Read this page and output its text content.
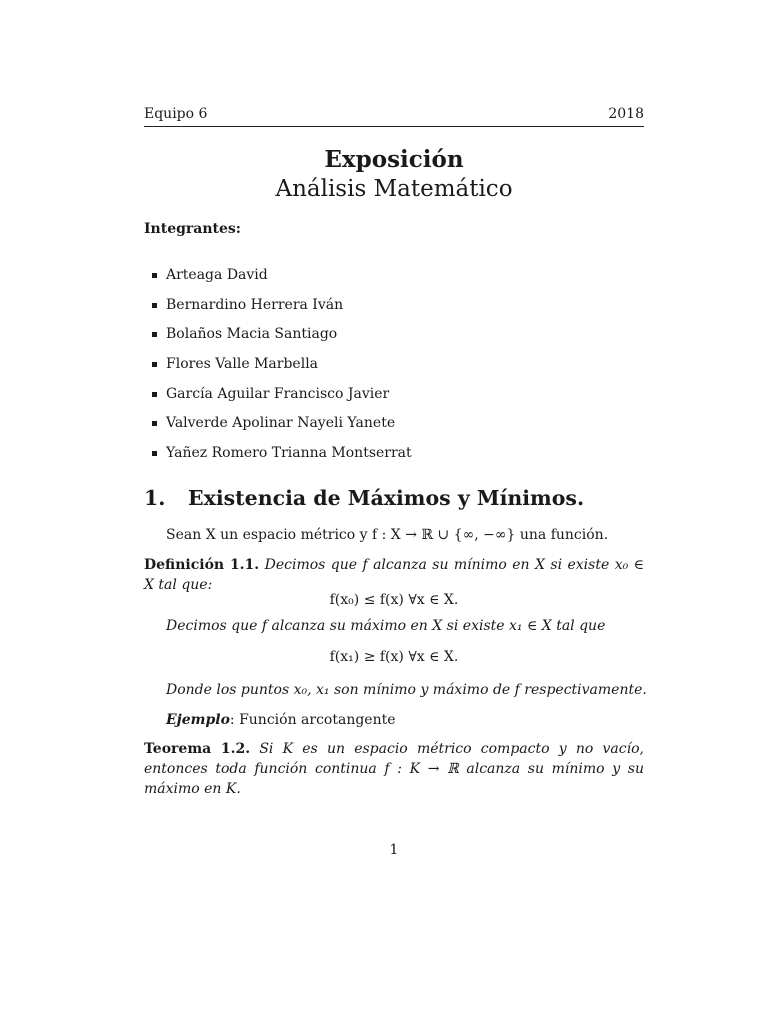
Equipo 6	2018
Exposición
Análisis Matemático
Integrantes:
Arteaga David
Bernardino Herrera Iván
Bolaños Macia Santiago
Flores Valle Marbella
García Aguilar Francisco Javier
Valverde Apolinar Nayeli Yanete
Yañez Romero Trianna Montserrat
1. Existencia de Máximos y Mínimos.
Sean X un espacio métrico y f : X → ℝ ∪ {∞, −∞} una función.
Definición 1.1. Decimos que f alcanza su mínimo en X si existe x₀ ∈ X tal que:
f(x₀) ≤ f(x) ∀x ∈ X.
Decimos que f alcanza su máximo en X si existe x₁ ∈ X tal que
f(x₁) ≥ f(x) ∀x ∈ X.
Donde los puntos x₀, x₁ son mínimo y máximo de f respectivamente.
Ejemplo: Función arcotangente
Teorema 1.2. Si K es un espacio métrico compacto y no vacío, entonces toda función continua f : K → ℝ alcanza su mínimo y su máximo en K.
1
